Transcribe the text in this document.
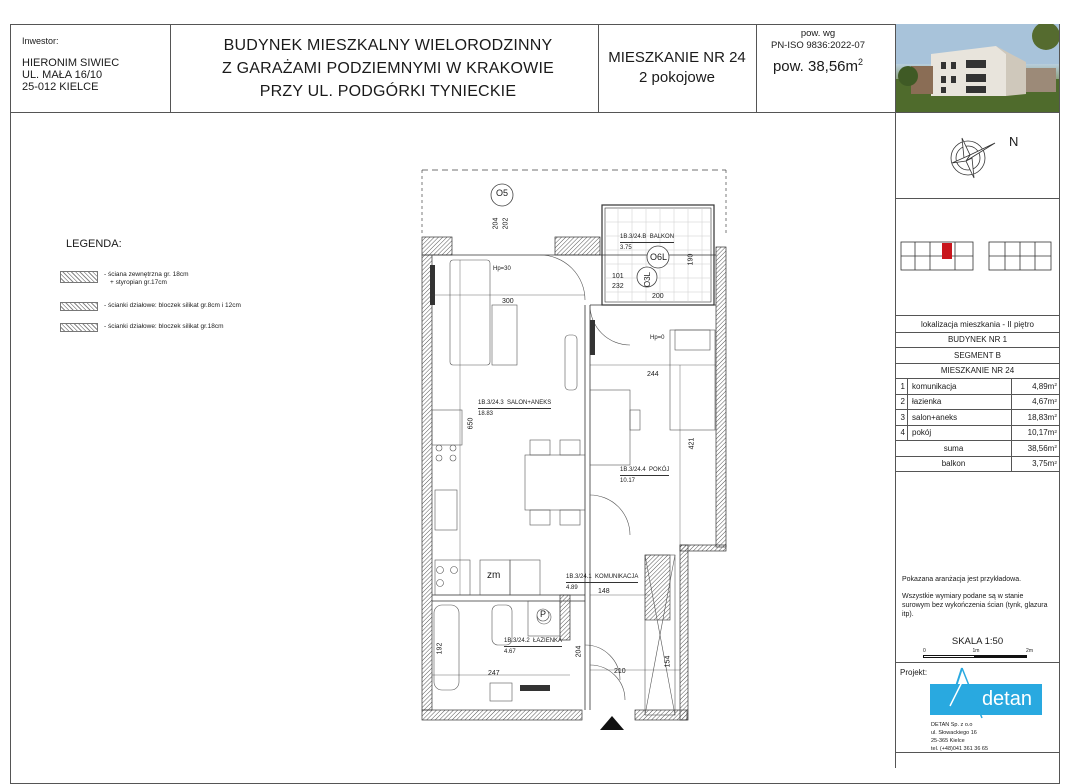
Inwestor:
HIERONIM SIWIEC
UL. MAŁA 16/10
25-012 KIELCE
BUDYNEK MIESZKALNY WIELORODZINNY
Z GARAŻAMI PODZIEMNYMI W KRAKOWIE
PRZY UL. PODGÓRKI TYNIECKIE
MIESZKANIE NR 24
2 pokojowe
pow. wg
PN-ISO 9836:2022-07
pow. $38,56m^2$
LEGENDA:
- ściana zewnętrzna gr. 18cm
+ styropian gr.17cm
- ścianki działowe: bloczek silikat gr.8cm i 12cm
- ścianki działowe: bloczek silikat gr.18cm
O5
O6L
O3L
1B.3/24.B BALKON
3.75
1B.3/24.3 SALON+ANEKS
18.83
1B.3/24.4 POKÓJ
10.17
1B.3/24.1 KOMUNIKACJA
4.89
1B.3/24.2 ŁAZIENKA
4.67
300
244
650
421
148
192
247	210
154
190
101
232
200
204 202
204
Hp=30
Hp=0
zm
P
N
lokalizacja mieszkania - II piętro
BUDYNEK NR 1
SEGMENT B
MIESZKANIE NR 24
1 komunikacja	4,89m 2
2 łazienka	4,67m 2
3 salon+aneks	18,83m 2
4 pokój	10,17m 2
suma	38,56m 2
balkon	3,75m 2
Pokazana aranżacja jest przykładowa.
Wszystkie wymiary podane są w stanie surowym bez wykończenia ścian (tynk, glazura itp).
SKALA 1:50
0	1m	2m
Projekt:
detan
DETAN Sp. z o.o
ul. Słowackiego 16
25-365 Kielce
tel. (+48)041 361 36 65
